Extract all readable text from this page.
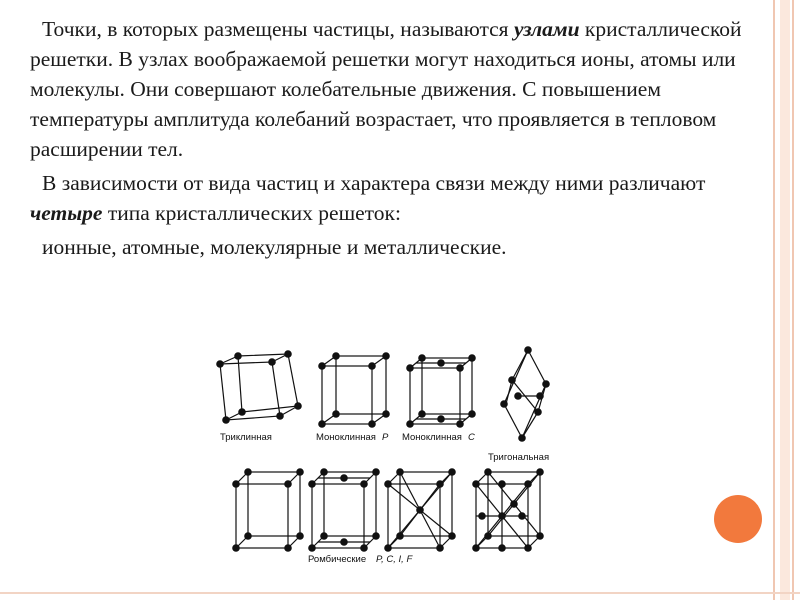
Точки, в которых размещены частицы, называются узлами кристаллической решетки. В узлах воображаемой решетки могут находиться ионы, атомы или молекулы. Они совершают колебательные движения. С повышением температуры амплитуда колебаний возрастает, что проявляется в тепловом расширении тел.

В зависимости от вида частиц и характера связи между ними различают четыре типа кристаллических решеток:

ионные, атомные, молекулярные и металлические.

Триклинная	Моноклинная P Моноклинная C
Тригональная
Ромбические P, C, I, F
